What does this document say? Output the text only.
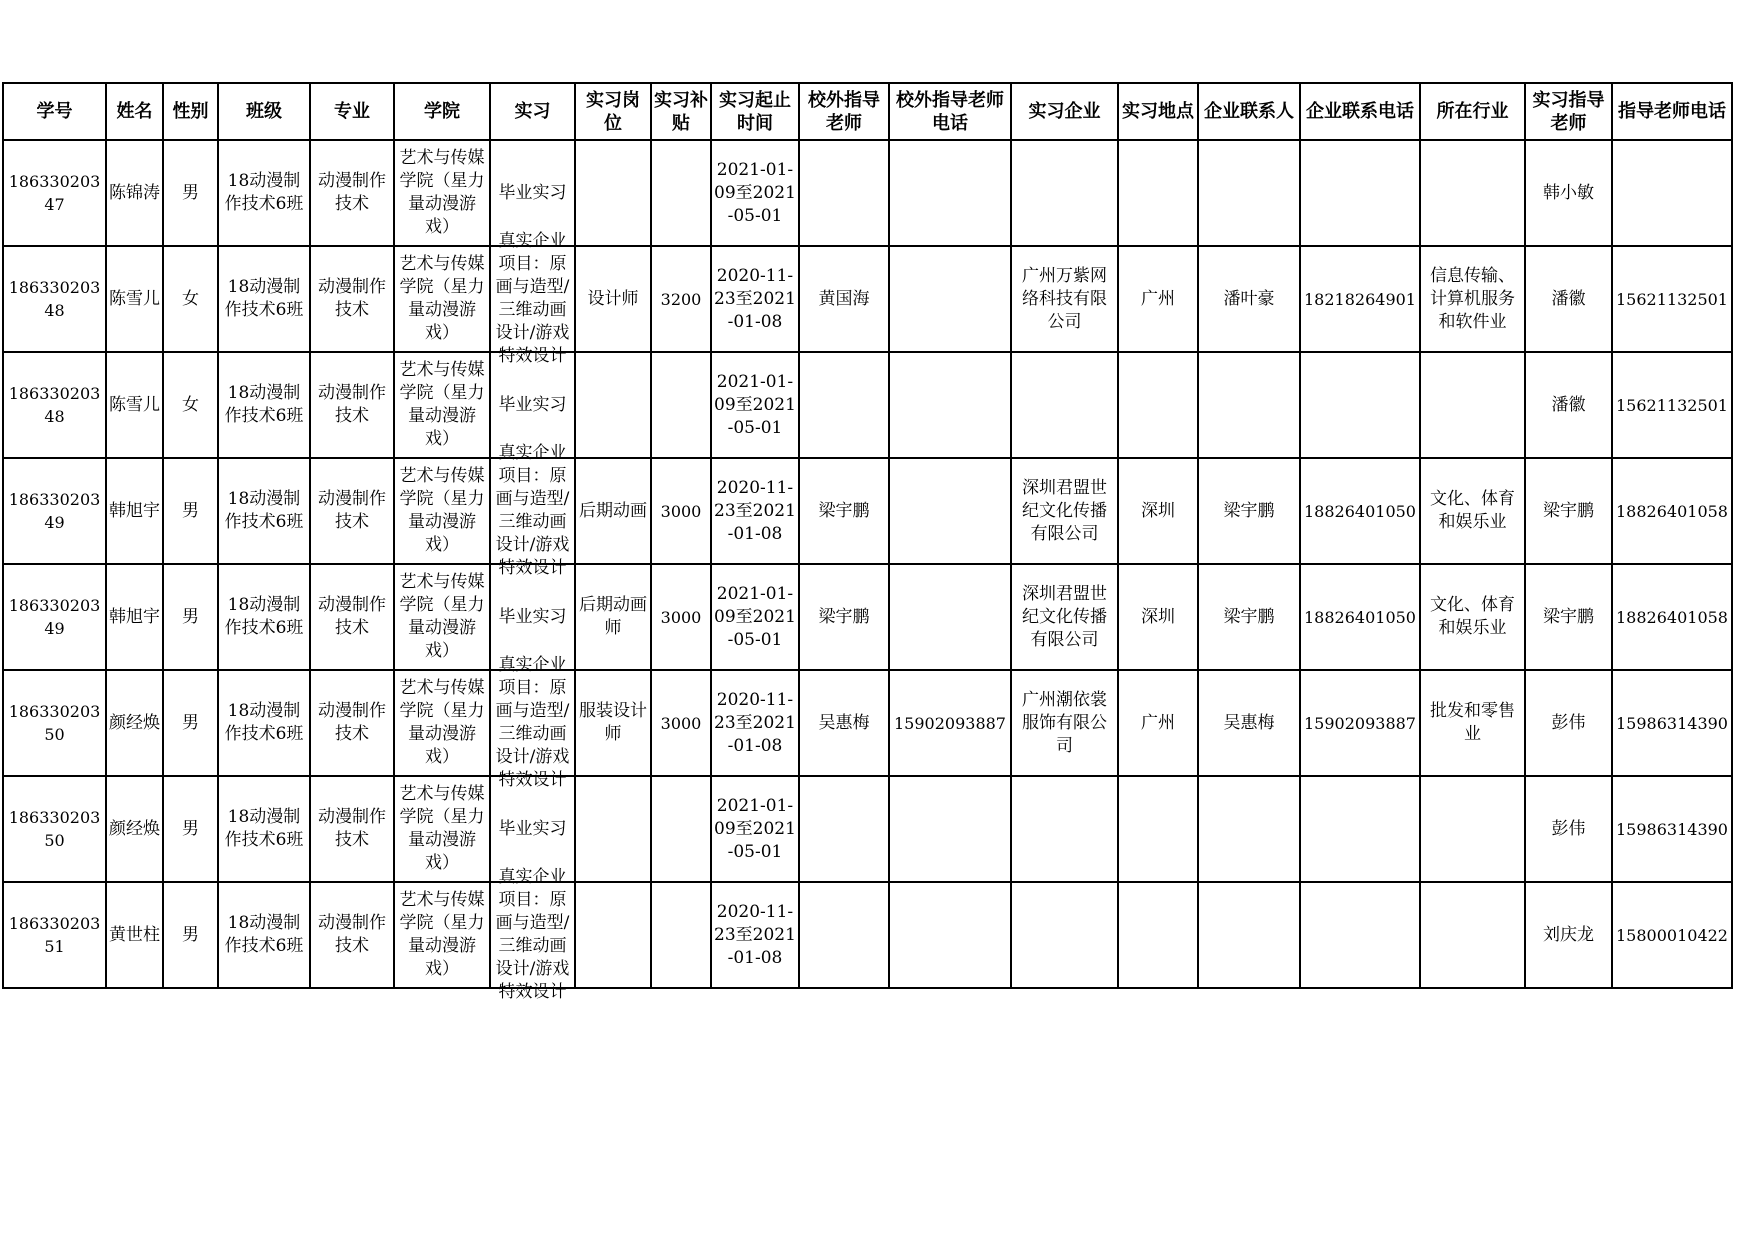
学号	姓名	性别	班级	专业	学院	实习	实习岗位	实习补贴	实习起止时间	校外指导老师	校外指导老师电话	实习企业	实习地点	企业联系人	企业联系电话	所在行业	实习指导老师	指导老师电话

18633020347	陈锦涛	男	18动漫制作技术6班	动漫制作技术	艺术与传媒学院（星力量动漫游戏）	毕业实习			2021-01-09至2021-05-01								韩小敏	

18633020348	陈雪儿	女	18动漫制作技术6班	动漫制作技术	艺术与传媒学院（星力量动漫游戏）	真实企业项目：原画与造型/三维动画设计/游戏特效设计	设计师	3200	2020-11-23至2021-01-08	黄国海		广州万紫网络科技有限公司	广州	潘叶豪	18218264901	信息传输、计算机服务和软件业	潘徽	15621132501

18633020348	陈雪儿	女	18动漫制作技术6班	动漫制作技术	艺术与传媒学院（星力量动漫游戏）	毕业实习			2021-01-09至2021-05-01								潘徽	15621132501

18633020349	韩旭宇	男	18动漫制作技术6班	动漫制作技术	艺术与传媒学院（星力量动漫游戏）	真实企业项目：原画与造型/三维动画设计/游戏特效设计	后期动画	3000	2020-11-23至2021-01-08	梁宇鹏		深圳君盟世纪文化传播有限公司	深圳	梁宇鹏	18826401050	文化、体育和娱乐业	梁宇鹏	18826401058

18633020349	韩旭宇	男	18动漫制作技术6班	动漫制作技术	艺术与传媒学院（星力量动漫游戏）	毕业实习	后期动画师	3000	2021-01-09至2021-05-01	梁宇鹏		深圳君盟世纪文化传播有限公司	深圳	梁宇鹏	18826401050	文化、体育和娱乐业	梁宇鹏	18826401058

18633020350	颜经焕	男	18动漫制作技术6班	动漫制作技术	艺术与传媒学院（星力量动漫游戏）	真实企业项目：原画与造型/三维动画设计/游戏特效设计	服装设计师	3000	2020-11-23至2021-01-08	吴惠梅	15902093887	广州潮依裳服饰有限公司	广州	吴惠梅	15902093887	批发和零售业	彭伟	15986314390

18633020350	颜经焕	男	18动漫制作技术6班	动漫制作技术	艺术与传媒学院（星力量动漫游戏）	毕业实习			2021-01-09至2021-05-01								彭伟	15986314390

18633020351	黄世柱	男	18动漫制作技术6班	动漫制作技术	艺术与传媒学院（星力量动漫游戏）	真实企业项目：原画与造型/三维动画设计/游戏特效设计			2020-11-23至2021-01-08								刘庆龙	15800010422
